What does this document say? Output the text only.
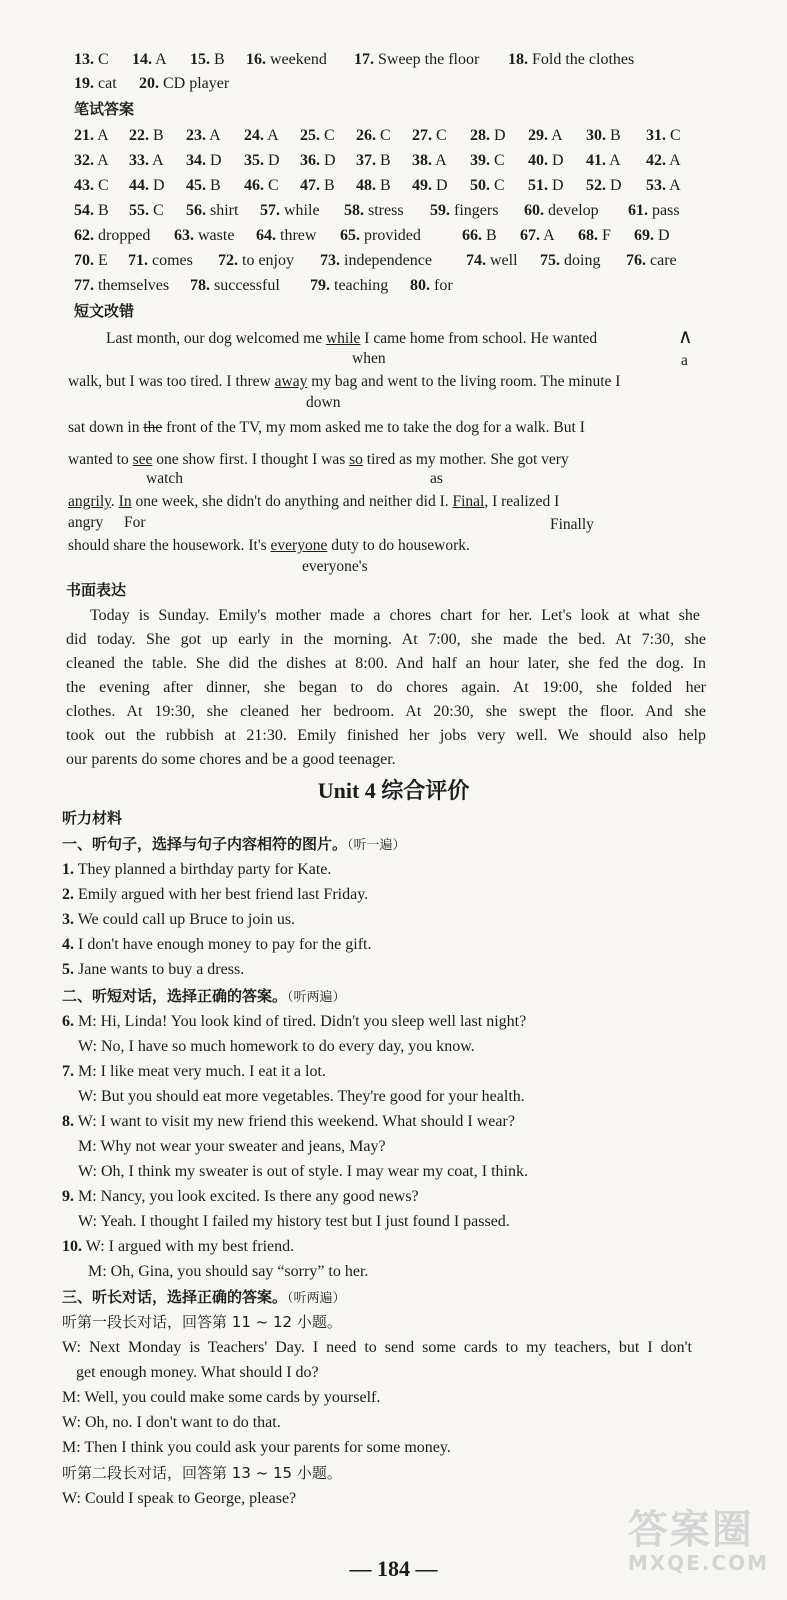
13. C 14. A 15. B 16. weekend 17. Sweep the floor 18. Fold the clothes
19. cat 20. CD player
笔试答案
21. A 22. B 23. A 24. A 25. C 26. C 27. C 28. D 29. A 30. B 31. C
32. A 33. A 34. D 35. D 36. D 37. B 38. A 39. C 40. D 41. A 42. A
43. C 44. D 45. B 46. C 47. B 48. B 49. D 50. C 51. D 52. D 53. A
54. B 55. C 56. shirt 57. while 58. stress 59. fingers 60. develop 61. pass
62. dropped 63. waste 64. threw 65. provided	66. B 67. A 68. F 69. D
70. E 71. comes 72. to enjoy 73. independence 74. well 75. doing 76. care
77. themselves 78. successful 79. teaching 80. for
短文改错
Last month, our dog welcomed me while I came home from school. He wanted	∧
when	a
walk, but I was too tired. I threw away my bag and went to the living room. The minute I
down
sat down in the front of the TV, my mom asked me to take the dog for a walk. But I
wanted to see one show first. I thought I was so tired as my mother. She got very
watch	as
angrily. In one week, she didn't do anything and neither did I. Final, I realized I
angry For	Finally
should share the housework. It's everyone duty to do housework.
everyone's
书面表达
Today is Sunday. Emily's mother made a chores chart for her. Let's look at what she
did today. She got up early in the morning. At 7:00, she made the bed. At 7:30, she
cleaned the table. She did the dishes at 8:00. And half an hour later, she fed the dog. In
the evening after dinner, she began to do chores again. At 19:00, she folded her
clothes. At 19:30, she cleaned her bedroom. At 20:30, she swept the floor. And she
took out the rubbish at 21:30. Emily finished her jobs very well. We should also help
our parents do some chores and be a good teenager.
Unit 4 综合评价
听力材料
一、听句子，选择与句子内容相符的图片。（听一遍）
1. They planned a birthday party for Kate.
2. Emily argued with her best friend last Friday.
3. We could call up Bruce to join us.
4. I don't have enough money to pay for the gift.
5. Jane wants to buy a dress.
二、听短对话，选择正确的答案。（听两遍）
6. M: Hi, Linda! You look kind of tired. Didn't you sleep well last night?
W: No, I have so much homework to do every day, you know.
7. M: I like meat very much. I eat it a lot.
W: But you should eat more vegetables. They're good for your health.
8. W: I want to visit my new friend this weekend. What should I wear?
M: Why not wear your sweater and jeans, May?
W: Oh, I think my sweater is out of style. I may wear my coat, I think.
9. M: Nancy, you look excited. Is there any good news?
W: Yeah. I thought I failed my history test but I just found I passed.
10. W: I argued with my best friend.
M: Oh, Gina, you should say “sorry” to her.
三、听长对话，选择正确的答案。（听两遍）
听第一段长对话，回答第 11 ~ 12 小题。
W: Next Monday is Teachers' Day. I need to send some cards to my teachers, but I don't
get enough money. What should I do?
M: Well, you could make some cards by yourself.
W: Oh, no. I don't want to do that.
M: Then I think you could ask your parents for some money.
听第二段长对话，回答第 13 ~ 15 小题。
W: Could I speak to George, please?
— 184 —
答案圈
MXQE.COM
